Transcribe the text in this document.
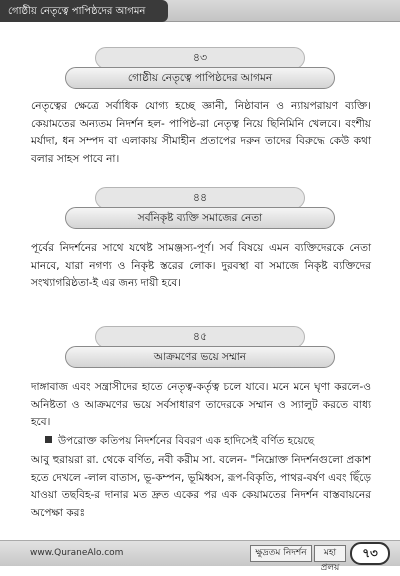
গোষ্ঠীয় নেতৃত্বে পাপিষ্ঠদের আগমন
৪৩
গোষ্ঠীয় নেতৃত্বে পাপিষ্ঠদের আগমন
নেতৃত্বের ক্ষেত্রে সর্বাধিক যোগ্য হচ্ছে জ্ঞানী, নিষ্ঠাবান ও ন্যায়পরায়ণ ব্যক্তি। কেয়ামতের অন্যতম নিদর্শন হল- পাপিষ্ঠ-রা নেতৃত্ব নিয়ে ছিনিমিনি খেলবে। বংশীয় মর্যাদা, ধন সম্পদ বা এলাকায় সীমাহীন প্রতাপের দরুন তাদের বিরুদ্ধে কেউ কথা বলার সাহস পাবে না।
৪৪
সর্বনিকৃষ্ট ব্যক্তি সমাজের নেতা
পূর্বের নিদর্শনের সাথে যথেষ্ট সামঞ্জস্য-পূর্ণ। সর্ব বিষয়ে এমন ব্যক্তিদেরকে নেতা মানবে, যারা নগণ্য ও নিকৃষ্ট স্তরের লোক। দুরবস্থা বা সমাজে নিকৃষ্ট ব্যক্তিদের সংখ্যাগরিষ্ঠতা-ই এর জন্য দায়ী হবে।
৪৫
আক্রমণের ভয়ে সম্মান
দাঙ্গাবাজ এবং সন্ত্রাসীদের হাতে নেতৃত্ব-কর্তৃত্ব চলে যাবে। মনে মনে ঘৃণা করলে-ও অনিষ্টতা ও আক্রমণের ভয়ে সর্বসাধারণ তাদেরকে সম্মান ও স্যালুট করতে বাধ্য হবে।
উপরোক্ত কতিপয় নিদর্শনের বিবরণ এক হাদিসেই বর্ণিত হয়েছে
আবু হুরায়রা রা. থেকে বর্ণিত, নবী করীম সা. বলেন- "নিম্নোক্ত নিদর্শনগুলো প্রকাশ হতে দেখলে -লাল বাতাস, ভূ-কম্পন, ভূমিধ্বস, রূপ-বিকৃতি, পাথর-বর্ষণ এবং ছিঁড়ে যাওয়া তছবিহ-র দানার মত দ্রুত একের পর এক কেয়ামতের নিদর্শন বাস্তবায়নের অপেক্ষা করঃ
www.QuraneAlo.com	ক্ষুদ্রতম নিদর্শন	মহা প্রলয়
৭৩
